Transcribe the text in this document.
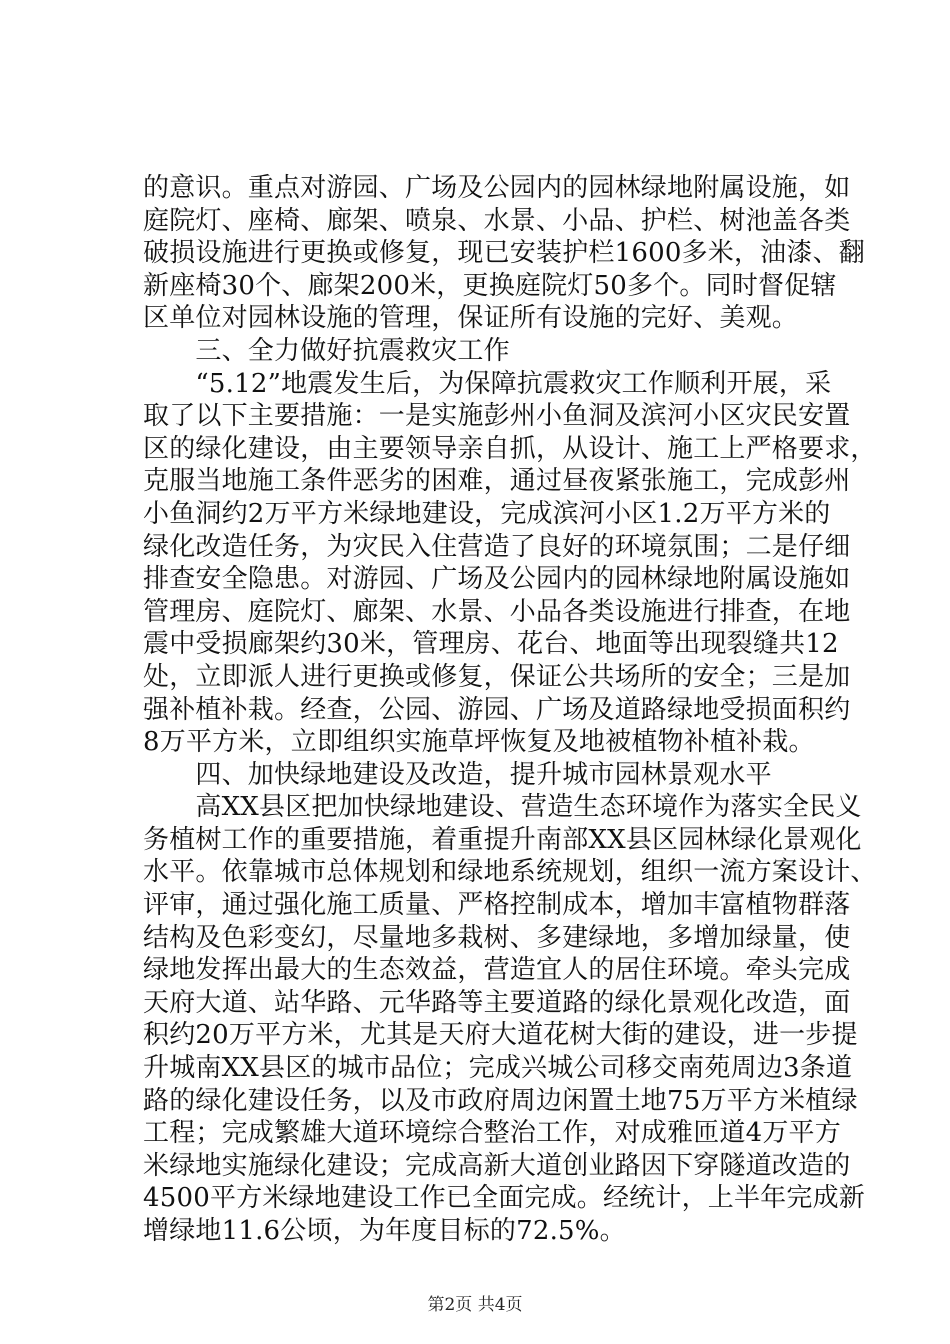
的意识。重点对游园、广场及公园内的园林绿地附属设施，如
庭院灯、座椅、廊架、喷泉、水景、小品、护栏、树池盖各类
破损设施进行更换或修复，现已安装护栏1600多米，油漆、翻
新座椅30个、廊架200米，更换庭院灯50多个。同时督促辖
区单位对园林设施的管理，保证所有设施的完好、美观。
　　三、全力做好抗震救灾工作
　　“5.12”地震发生后，为保障抗震救灾工作顺利开展，采
取了以下主要措施：一是实施彭州小鱼洞及滨河小区灾民安置
区的绿化建设，由主要领导亲自抓，从设计、施工上严格要求，
克服当地施工条件恶劣的困难，通过昼夜紧张施工，完成彭州
小鱼洞约2万平方米绿地建设，完成滨河小区1.2万平方米的
绿化改造任务，为灾民入住营造了良好的环境氛围；二是仔细
排查安全隐患。对游园、广场及公园内的园林绿地附属设施如
管理房、庭院灯、廊架、水景、小品各类设施进行排查，在地
震中受损廊架约30米，管理房、花台、地面等出现裂缝共12
处，立即派人进行更换或修复，保证公共场所的安全；三是加
强补植补栽。经查，公园、游园、广场及道路绿地受损面积约
8万平方米，立即组织实施草坪恢复及地被植物补植补栽。
　　四、加快绿地建设及改造，提升城市园林景观水平
　　高XX县区把加快绿地建设、营造生态环境作为落实全民义
务植树工作的重要措施，着重提升南部XX县区园林绿化景观化
水平。依靠城市总体规划和绿地系统规划，组织一流方案设计、
评审，通过强化施工质量、严格控制成本，增加丰富植物群落
结构及色彩变幻，尽量地多栽树、多建绿地，多增加绿量，使
绿地发挥出最大的生态效益，营造宜人的居住环境。牵头完成
天府大道、站华路、元华路等主要道路的绿化景观化改造，面
积约20万平方米，尤其是天府大道花树大街的建设，进一步提
升城南XX县区的城市品位；完成兴城公司移交南苑周边3条道
路的绿化建设任务，以及市政府周边闲置土地75万平方米植绿
工程；完成繁雄大道环境综合整治工作，对成雅匝道4万平方
米绿地实施绿化建设；完成高新大道创业路因下穿隧道改造的
4500平方米绿地建设工作已全面完成。经统计，上半年完成新
增绿地11.6公顷，为年度目标的72.5%。
第2页 共4页
